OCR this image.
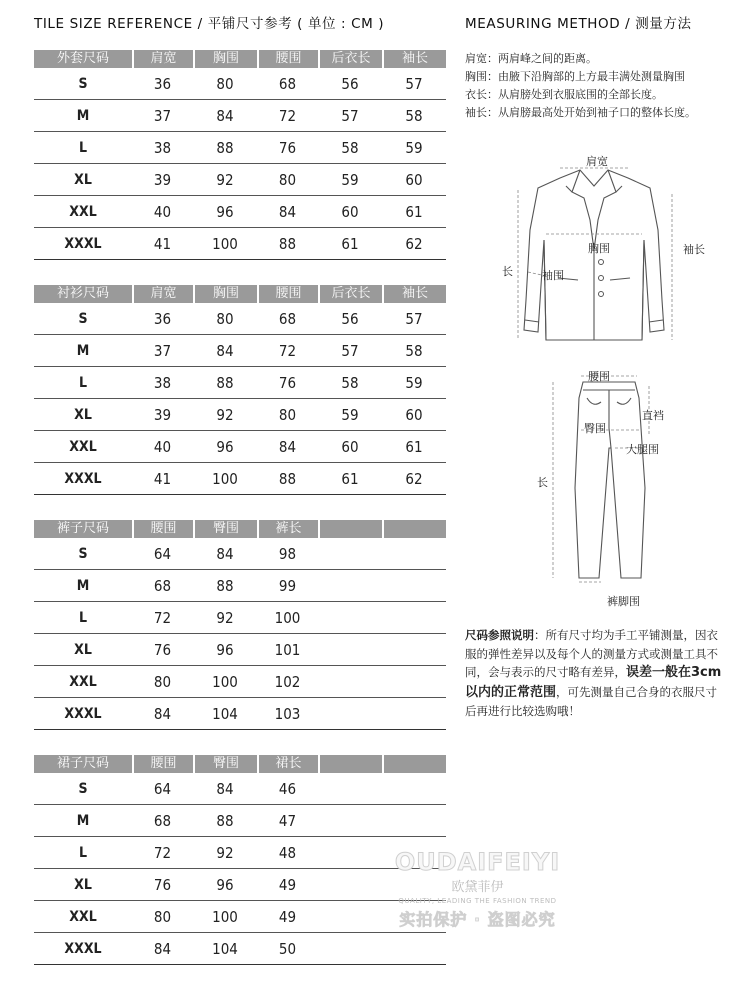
TILE SIZE REFERENCE / 平铺尺寸参考 ( 单位 : CM )	MEASURING METHOD / 测量方法
外套尺码	肩宽	胸围	腰围	后衣长	袖长
S	36	80	68	56	57
M	37	84	72	57	58
L	38	88	76	58	59
XL	39	92	80	59	60
XXL	40	96	84	60	61
XXXL	41	100	88	61	62
衬衫尺码	肩宽	胸围	腰围	后衣长	袖长
S	36	80	68	56	57
M	37	84	72	57	58
L	38	88	76	58	59
XL	39	92	80	59	60
XXL	40	96	84	60	61
XXXL	41	100	88	61	62
裤子尺码	腰围	臀围	裤长
S	64	84	98
M	68	88	99
L	72	92	100
XL	76	96	101
XXL	80	100	102
XXXL	84	104	103
裙子尺码	腰围	臀围	裙长
S	64	84	46
M	68	88	47
L	72	92	48
XL	76	96	49
XXL	80	100	49
XXXL	84	104	50
肩宽：两肩峰之间的距离。
胸围：由腋下沿胸部的上方最丰满处测量胸围
衣长：从肩膀处到衣服底围的全部长度。
袖长：从肩膀最高处开始到袖子口的整体长度。
肩宽
胸围	袖长
长	袖围
腰围
直裆
臀围
大腿围
长
裤脚围
尺码参照说明：所有尺寸均为手工平铺测量，因衣服的弹性差异以及每个人的测量方式或测量工具不同，会与表示的尺寸略有差异，误差一般在3cm以内的正常范围，可先测量自己合身的衣服尺寸后再进行比较选购哦！
OUDAIFEIYI
欧黛菲伊
QUALITY, LEADING THE FASHION TREND
实拍保护 · 盗图必究
